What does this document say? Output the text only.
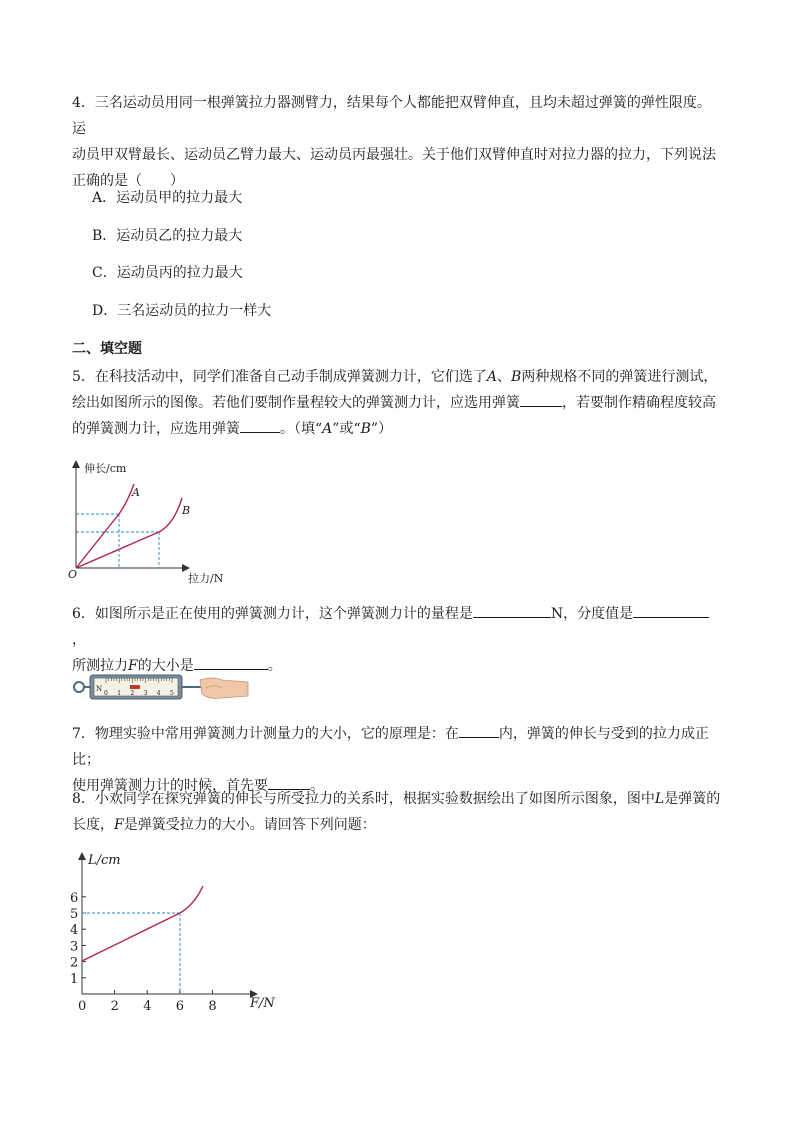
4．三名运动员用同一根弹簧拉力器测臂力，结果每个人都能把双臂伸直，且均未超过弹簧的弹性限度。运
动员甲双臂最长、运动员乙臂力最大、运动员丙最强壮。关于他们双臂伸直时对拉力器的拉力，下列说法
正确的是（　　）
A．运动员甲的拉力最大
B．运动员乙的拉力最大
C．运动员丙的拉力最大
D．三名运动员的拉力一样大
二、填空题
5．在科技活动中，同学们准备自己动手制成弹簧测力计，它们选了A、B两种规格不同的弹簧进行测试，
绘出如图所示的图像。若他们要制作量程较大的弹簧测力计，应选用弹簧	，若要制作精确程度较高
的弹簧测力计，应选用弹簧	。（填“A”或“B”）
伸长/cm
拉力/N
O
A
B
6．如图所示是正在使用的弹簧测力计，这个弹簧测力计的量程是	N，分度值是，
所测拉力F的大小是	。
0 1 2 3 4 5
N
7．物理实验中常用弹簧测力计测量力的大小，它的原理是：在	内，弹簧的伸长与受到的拉力成正比；
使用弹簧测力计的时候，首先要	。
8．小欢同学在探究弹簧的伸长与所受拉力的关系时，根据实验数据绘出了如图所示图象，图中L是弹簧的
长度，F是弹簧受拉力的大小。请回答下列问题：
L/cm
F/N
1
2
3
4
5
6
0 2 4 6 8
